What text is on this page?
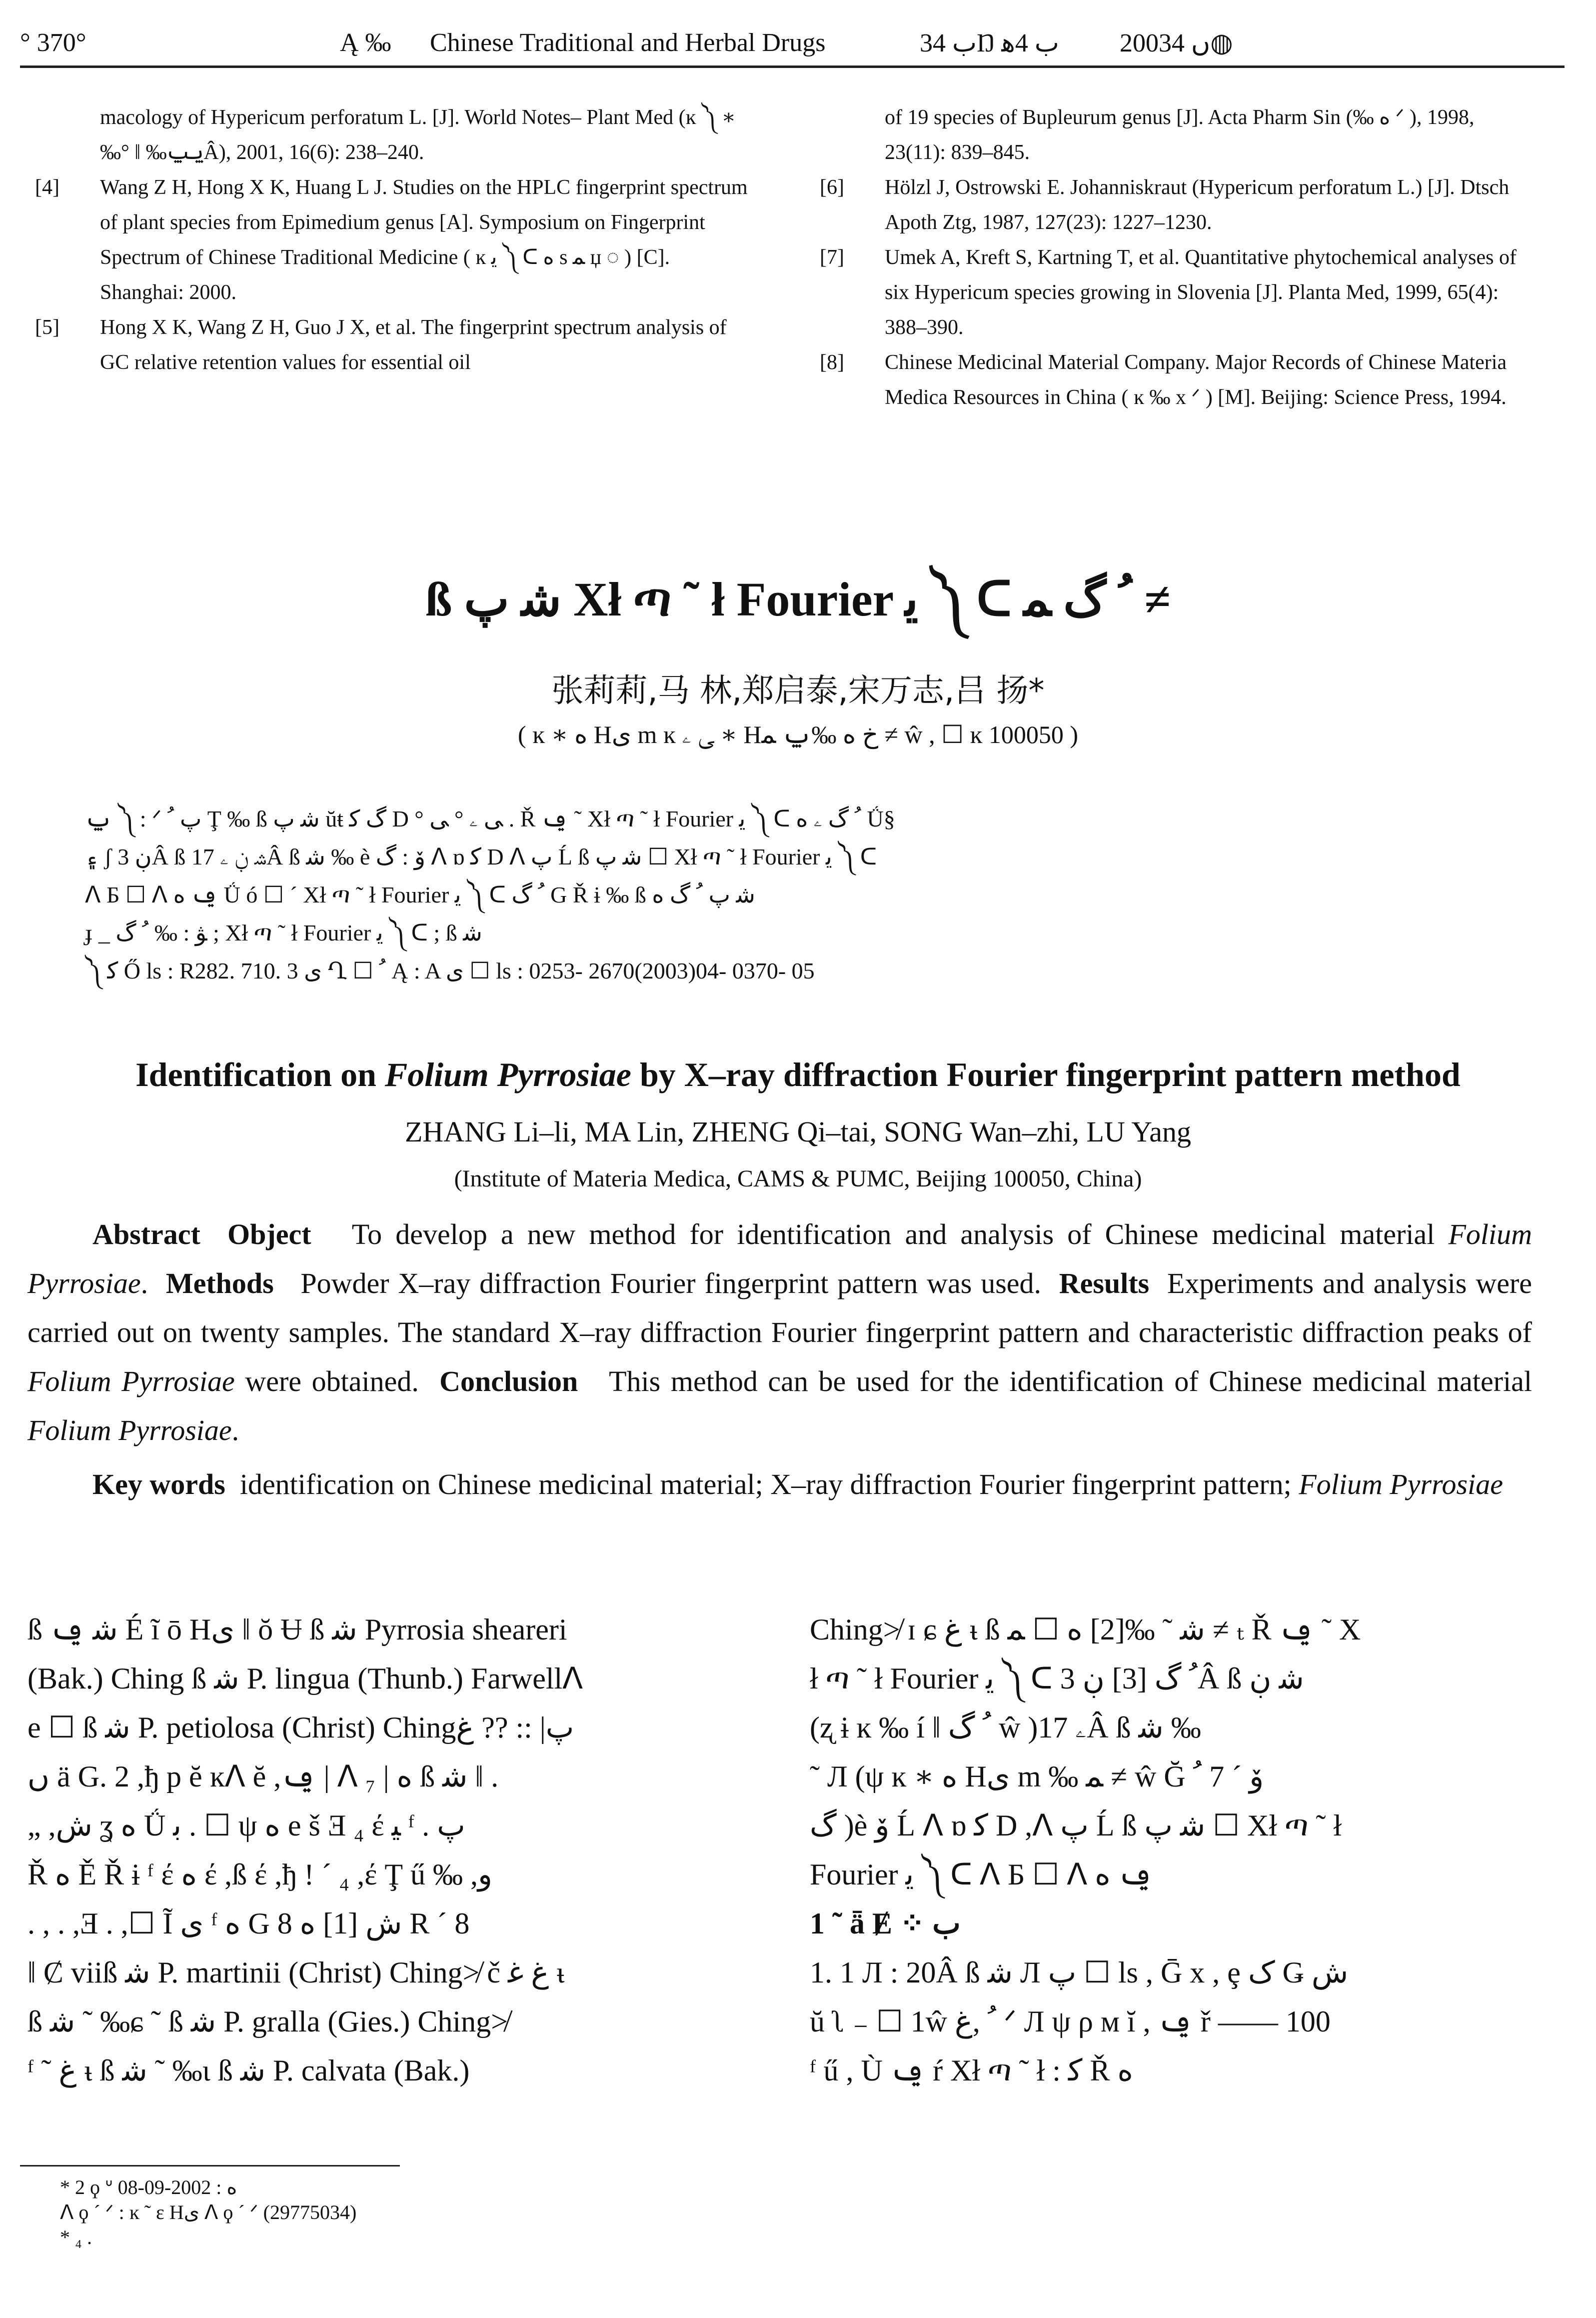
° 370°	Ą ‰ Chinese Traditional and Herbal Drugs	ب 34Ŋ ب 4ﻫ 2003ں 4◍
macology of Hypericum perforatum L. [J]. World Notes– Plant Med (ĸ ༽ ∗ ‰° ‖ ‰ݐݐÂ), 2001, 16(6): 238–240.
[4] Wang Z H, Hong X K, Huang L J. Studies on the HPLC fingerprint spectrum of plant species from Epimedium genus [A]. Symposium on Fingerprint Spectrum of Chinese Traditional Medicine ( ĸ ﯾ ༽ ᑕ ﻩ ѕ ﻤ џ ◌ ) [C]. Shanghai: 2000.
[5] Hong X K, Wang Z H, Guo J X, et al. The fingerprint spectrum analysis of GC relative retention values for essential oil
of 19 species of Bupleurum genus [J]. Acta Pharm Sin (‰ ﻩ ᐟ ), 1998, 23(11): 839–845.
[6] Hölzl J, Ostrowski E. Johanniskraut (Hypericum perforatum L.) [J]. Dtsch Apoth Ztg, 1987, 127(23): 1227–1230.
[7] Umek A, Kreft S, Kartning T, et al. Quantitative phytochemical analyses of six Hypericum species growing in Slovenia [J]. Planta Med, 1999, 65(4): 388–390.
[8] Chinese Medicinal Material Company. Major Records of Chinese Materia Medica Resources in China ( ĸ ‰ x ᐟ ) [M]. Beijing: Science Press, 1994.
ß ﺷ ﭖ Xł ጣ ˜ ł Fourier ﯾ ༽ ᑕ ﹸ ﮒ ﻤ ≠
张莉莉,马 林,郑启泰,宋万志,吕 扬*
( ĸ ∗ ﻩ Hﻯ m ĸ ﻰ ۦ ∗ Hﺥ ﻩ ‰ݐ ﻤ ≠ ŵ , ☐ ĸ 100050 )
ݐ ༽ : ᐟ ﭖ ﹸ Ţ ‰ ß ﺷ ﭖ ŭŧ ﮒ ﮐ D ° ﻰ ۦ ° ﻰ . Ř ݠ ˜ Xł ጣ ˜ ł Fourier ﯾ ༽ ᑕ ﹸ ﮒ ۦ ﻩ Ǘ§
۽ ʃ ڹ 3Â ß ﺷ ڹ ۦ 17Â ß ﺷ ‰ è ﯙ : ﮒ ᐱ ɒ ﮐ D ᐱ ﭖ Ĺ ß ﺷ ﭖ ☐ Xł ጣ ˜ ł Fourier ﯾ ༽ ᑕ
ᐱ Б ☐ ᐱ ݠ ﻩ Ǘ ó ☐ ´ Xł ጣ ˜ ł Fourier ﯾ ༽ ᑕ ﹸ ﮒ G Ř ɨ ‰ ß ﺷ ﭖ ﹸ ﮒ ﻩ
ɟ _ ﯟ : ‰ ﹸ ﮒ ; Xł ጣ ˜ ł Fourier ﯾ ༽ ᑕ ; ß ﺷ
༽ ﮐ Ő ls : R282. 710. 3 ﯼ Ղ ☐ ﹸ Ą : A ﯼ ☐ ls : 0253- 2670(2003)04- 0370- 05
Identification on Folium Pyrrosiae by X–ray diffraction Fourier fingerprint pattern method
ZHANG Li–li, MA Lin, ZHENG Qi–tai, SONG Wan–zhi, LU Yang
(Institute of Materia Medica, CAMS & PUMC, Beijing 100050, China)
Abstract Object To develop a new method for identification and analysis of Chinese medicinal material Folium Pyrrosiae.  Methods Powder X–ray diffraction Fourier fingerprint pattern was used. Results Experiments and analysis were carried out on twenty samples. The standard X–ray diffraction Fourier fingerprint pattern and characteristic diffraction peaks of Folium Pyrrosiae were obtained. Conclusion This method can be used for the identification of Chinese medicinal material Folium Pyrrosiae.
Key words identification on Chinese medicinal material; X–ray diffraction Fourier fingerprint pattern; Folium Pyrrosiae
ß ﺷ ݠ É ĩ ō Hﻯ ‖ ŏ Ʉ ß ﺷ Pyrrosia sheareri
(Bak.) Ching ß ﺷ P. lingua (Thunb.) Farwellᐱ
e ☐ ß ﺷ P. petiolosa (Christ) Chingﭖ| :: ?? ﻍ
ں ä G. 2 ,ђ р ĕ ĸᐱ ĕ ,ݠ | ᐱ ₇ | ﻩ ß ﺷ ‖ .
„ ,ﺵ ʓ ﻩ Ǘ ﺑ . ☐ ψ ﻩ e š Ǝ ₄ έ ﯿ ᶠ . ﭖ
Ř ﻩ Ě Ř ɨ ᶠ έ ﻩ έ ,ß έ ,ђ ! ´ ₄ ,έ Ţ ű ‰ ,ﻭ
. , . ,Ǝ . ,☐ Ĩ ﻯ ᶠ ﻩ G ﺵ [1] ﻩ 8 R ´ 8
‖ Ȼ viiß ﺷ P. martinii (Christ) Ching≯ č ﻍ ﻏ ᵼ
ß ﺷ ˜ ‰ɕ ˜ ß ﺷ P. gralla (Gies.) Ching≯
ᶠ ˜ ﻍ ᵼ ß ﺷ ˜ ‰ɩ ß ﺷ P. calvata (Bak.)
Ching≯ ɪ ɕ ﻍ ᵼ ß ﺷ ˜ ‰[2] ﻩ ☐ ﻤ ≠ ₜ Ř ݠ ˜ X
ł ጣ ˜ ł Fourier ﯾ ༽ ᑕ ﹸ ﮒ [3] ڹ 3Â ß ﺷ ڹ
(ʐ ɨ ĸ ‰ í ‖ ﹸ ﮒ ŵ )ۦ 17Â ß ﺷ ‰
˜ Л (ψ ĸ ∗ ﻩ Hﻯ m ‰ ﻤ ≠ ŵ Ğ ﯙ ´ 7 ﹸ
ﮒ )è ﯙ Ĺ ᐱ ɒ ﮐ D ,ᐱ ﭖ Ĺ ß ﺷ ﭖ ☐ Xł ጣ ˜ ł
Fourier ﯾ ༽ ᑕ ᐱ Б ☐ ᐱ ݠ ﻩ
1 ˜ ǟ Ɇ ⁘ ب
1. 1 Л : 20Â ß ﺷ Л ﭖ ☐ ls , Ḡ x , ȩ ﮎ Ǥ ﺵ
ŭ ʅ ₋ ☐ 1ŵ ﹸ ,ﻍ ᐟ Л ψ ρ м ĭ , ݠ ř —— 100
ᶠ ű , Ù ݠ ŕ Xł ጣ ˜ ł : ﮐ Ř ﻩ
* 2 ϙ ᐡ ﻩ : 2002-09-08
ᐱ ϙ ´ ᐟ : ĸ ˜ ε Hﻯ ᐱ ϙ ´ ᐟ (29775034)
* ₄ .
